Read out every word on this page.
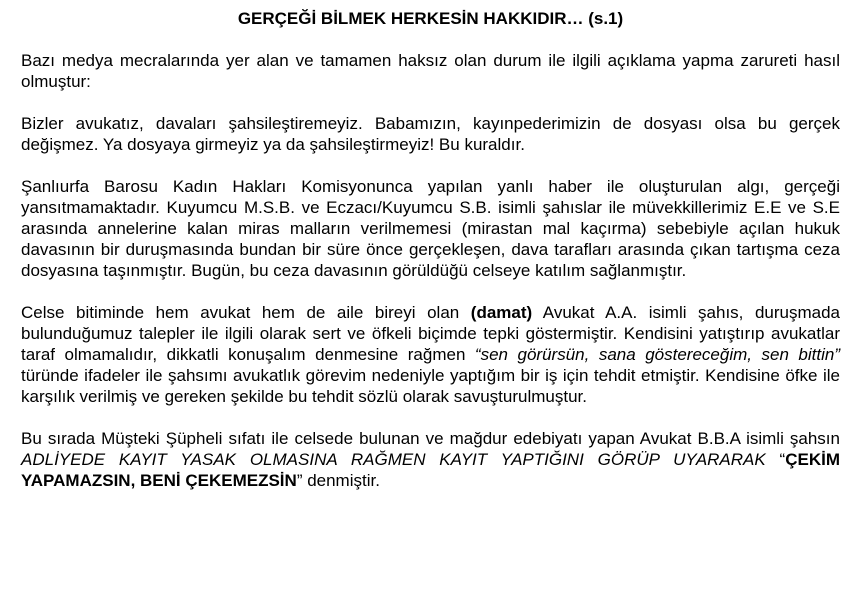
GERÇEĞİ BİLMEK HERKESİN HAKKIDIR… (s.1)

Bazı medya mecralarında yer alan ve tamamen haksız olan durum ile ilgili açıklama yapma zarureti hasıl olmuştur:

Bizler avukatız, davaları şahsileştiremeyiz. Babamızın, kayınpederimizin de dosyası olsa bu gerçek değişmez. Ya dosyaya girmeyiz ya da şahsileştirmeyiz! Bu kuraldır.

Şanlıurfa Barosu Kadın Hakları Komisyonunca yapılan yanlı haber ile oluşturulan algı, gerçeği yansıtmamaktadır. Kuyumcu M.S.B. ve Eczacı/Kuyumcu S.B. isimli şahıslar ile müvekkillerimiz E.E ve S.E arasında annelerine kalan miras malların verilmemesi (mirastan mal kaçırma) sebebiyle açılan hukuk davasının bir duruşmasında bundan bir süre önce gerçekleşen, dava tarafları arasında çıkan tartışma ceza dosyasına taşınmıştır. Bugün, bu ceza davasının görüldüğü celseye katılım sağlanmıştır.

Celse bitiminde hem avukat hem de aile bireyi olan (damat) Avukat A.A. isimli şahıs, duruşmada bulunduğumuz talepler ile ilgili olarak sert ve öfkeli biçimde tepki göstermiştir. Kendisini yatıştırıp avukatlar taraf olmamalıdır, dikkatli konuşalım denmesine rağmen “sen görürsün, sana göstereceğim, sen bittin” türünde ifadeler ile şahsımı avukatlık görevim nedeniyle yaptığım bir iş için tehdit etmiştir. Kendisine öfke ile karşılık verilmiş ve gereken şekilde bu tehdit sözlü olarak savuşturulmuştur.

Bu sırada Müşteki Şüpheli sıfatı ile celsede bulunan ve mağdur edebiyatı yapan Avukat B.B.A isimli şahsın ADLİYEDE KAYIT YASAK OLMASINA RAĞMEN KAYIT YAPTIĞINI GÖRÜP UYARARAK “ÇEKİM YAPAMAZSIN, BENİ ÇEKEMEZSİN” denmiştir.
